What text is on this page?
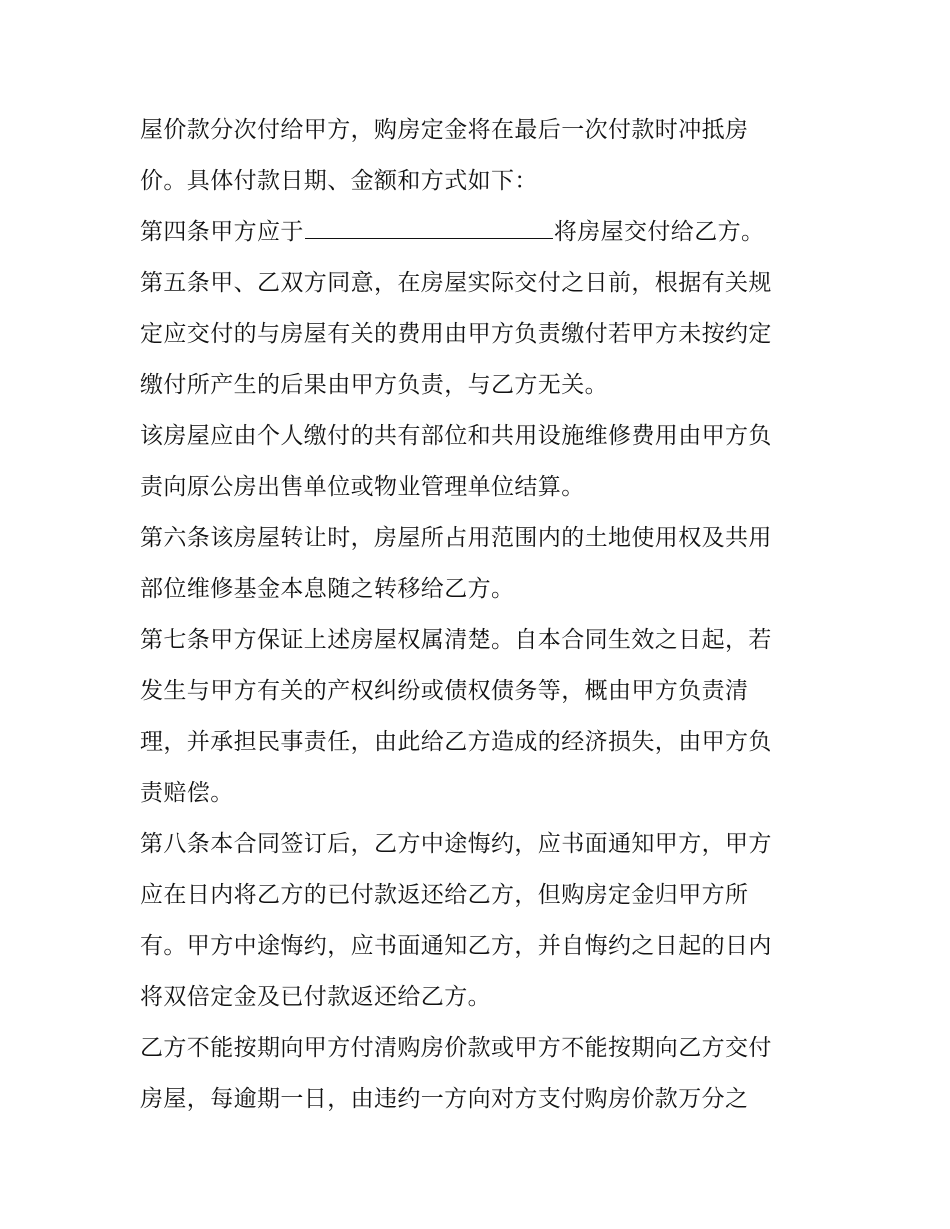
屋价款分次付给甲方，购房定金将在最后一次付款时冲抵房
价。具体付款日期、金额和方式如下：
第四条甲方应于	将房屋交付给乙方。
第五条甲、乙双方同意，在房屋实际交付之日前，根据有关规
定应交付的与房屋有关的费用由甲方负责缴付若甲方未按约定
缴付所产生的后果由甲方负责，与乙方无关。
该房屋应由个人缴付的共有部位和共用设施维修费用由甲方负
责向原公房出售单位或物业管理单位结算。
第六条该房屋转让时，房屋所占用范围内的土地使用权及共用
部位维修基金本息随之转移给乙方。
第七条甲方保证上述房屋权属清楚。自本合同生效之日起，若
发生与甲方有关的产权纠纷或债权债务等，概由甲方负责清
理，并承担民事责任，由此给乙方造成的经济损失，由甲方负
责赔偿。
第八条本合同签订后，乙方中途悔约，应书面通知甲方，甲方
应在日内将乙方的已付款返还给乙方，但购房定金归甲方所
有。甲方中途悔约，应书面通知乙方，并自悔约之日起的日内
将双倍定金及已付款返还给乙方。
乙方不能按期向甲方付清购房价款或甲方不能按期向乙方交付
房屋，每逾期一日，由违约一方向对方支付购房价款万分之
